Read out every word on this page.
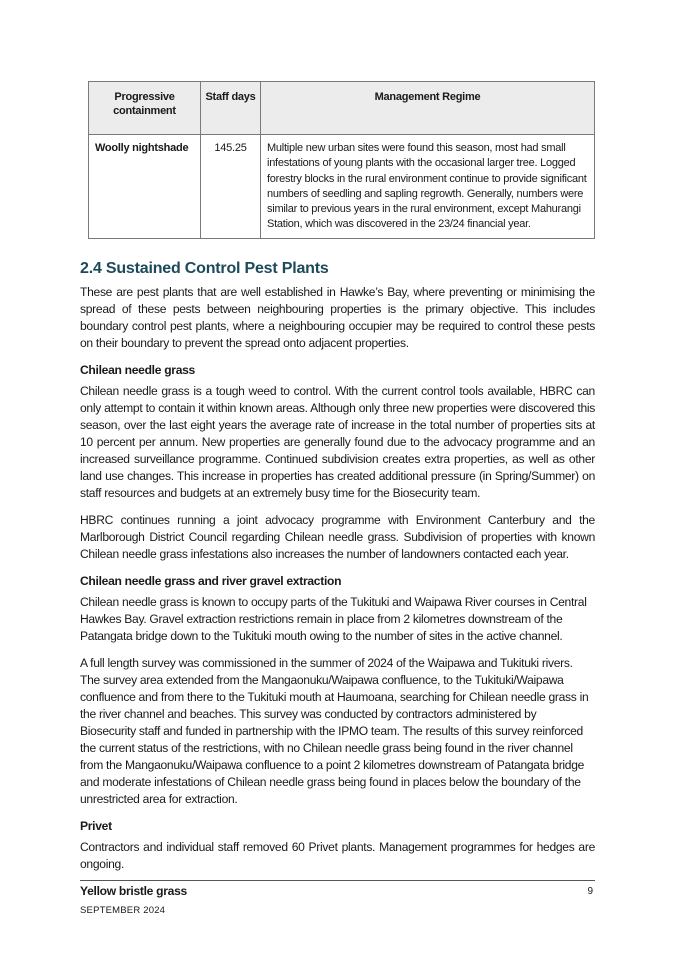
Progressive containment	Staff days	Management Regime
Woolly nightshade	145.25	Multiple new urban sites were found this season, most had small infestations of young plants with the occasional larger tree. Logged forestry blocks in the rural environment continue to provide significant numbers of seedling and sapling regrowth. Generally, numbers were similar to previous years in the rural environment, except Mahurangi Station, which was discovered in the 23/24 financial year.
2.4 Sustained Control Pest Plants

These are pest plants that are well established in Hawke’s Bay, where preventing or minimising the spread of these pests between neighbouring properties is the primary objective. This includes boundary control pest plants, where a neighbouring occupier may be required to control these pests on their boundary to prevent the spread onto adjacent properties.

Chilean needle grass

Chilean needle grass is a tough weed to control. With the current control tools available, HBRC can only attempt to contain it within known areas. Although only three new properties were discovered this season, over the last eight years the average rate of increase in the total number of properties sits at 10 percent per annum. New properties are generally found due to the advocacy programme and an increased surveillance programme. Continued subdivision creates extra properties, as well as other land use changes. This increase in properties has created additional pressure (in Spring/Summer) on staff resources and budgets at an extremely busy time for the Biosecurity team.

HBRC continues running a joint advocacy programme with Environment Canterbury and the Marlborough District Council regarding Chilean needle grass. Subdivision of properties with known Chilean needle grass infestations also increases the number of landowners contacted each year.

Chilean needle grass and river gravel extraction

Chilean needle grass is known to occupy parts of the Tukituki and Waipawa River courses in Central Hawkes Bay. Gravel extraction restrictions remain in place from 2 kilometres downstream of the Patangata bridge down to the Tukituki mouth owing to the number of sites in the active channel.

A full length survey was commissioned in the summer of 2024 of the Waipawa and Tukituki rivers. The survey area extended from the Mangaonuku/Waipawa confluence, to the Tukituki/Waipawa confluence and from there to the Tukituki mouth at Haumoana, searching for Chilean needle grass in the river channel and beaches. This survey was conducted by contractors administered by Biosecurity staff and funded in partnership with the IPMO team. The results of this survey reinforced the current status of the restrictions, with no Chilean needle grass being found in the river channel from the Mangaonuku/Waipawa confluence to a point 2 kilometres downstream of Patangata bridge and moderate infestations of Chilean needle grass being found in places below the boundary of the unrestricted area for extraction.

Privet

Contractors and individual staff removed 60 Privet plants. Management programmes for hedges are ongoing.

Yellow bristle grass	9
SEPTEMBER 2024
